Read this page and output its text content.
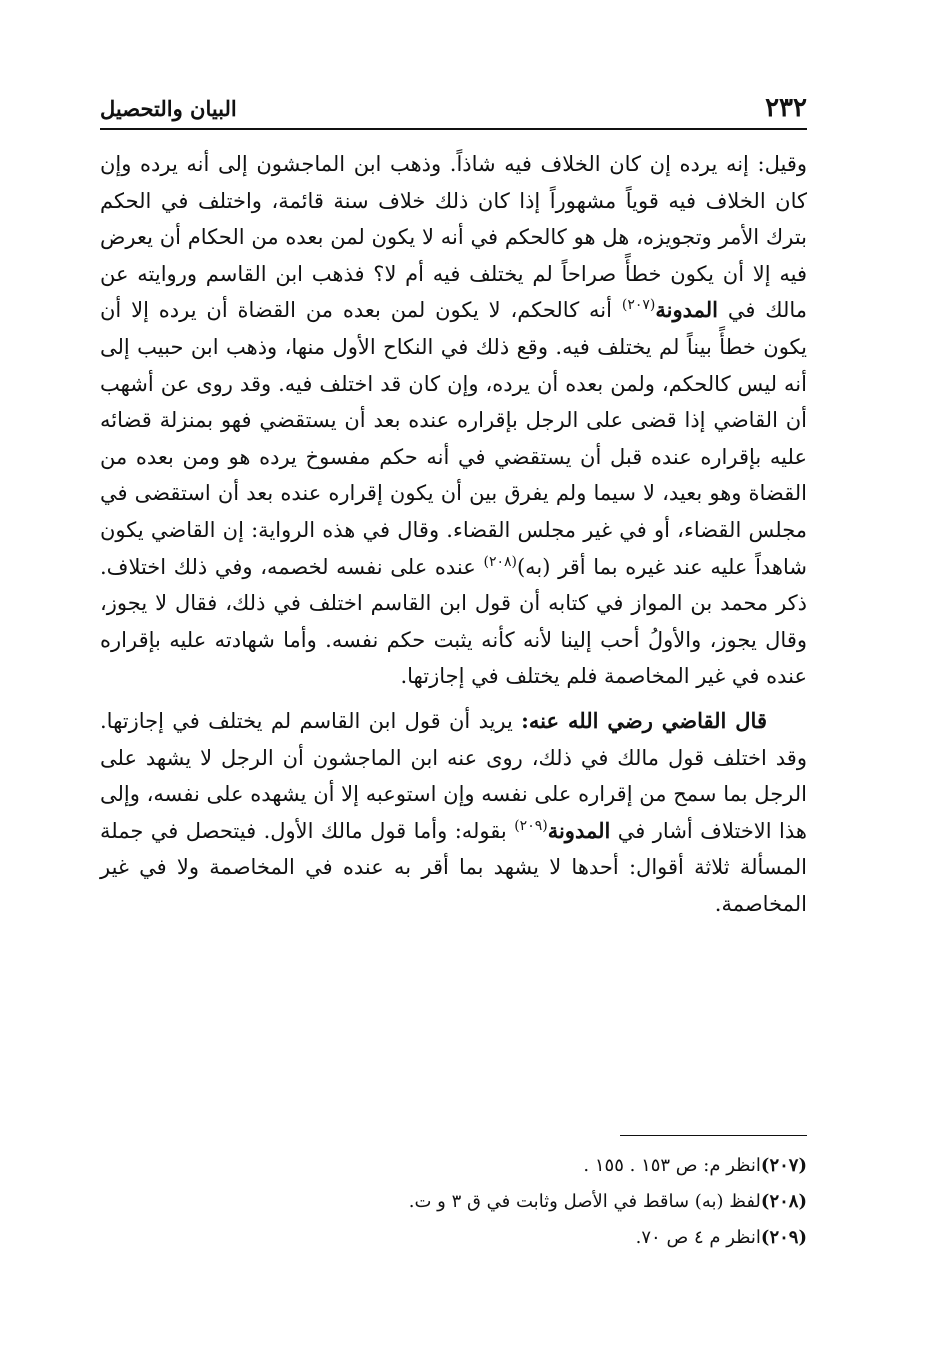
٢٣٢
البيان والتحصيل

وقيل: إنه يرده إن كان الخلاف فيه شاذاً. وذهب ابن الماجشون إلى أنه يرده وإن كان الخلاف فيه قوياً مشهوراً إذا كان ذلك خلاف سنة قائمة، واختلف في الحكم بترك الأمر وتجويزه، هل هو كالحكم في أنه لا يكون لمن بعده من الحكام أن يعرض فيه إلا أن يكون خطأً صراحاً لم يختلف فيه أم لا؟ فذهب ابن القاسم وروايته عن مالك في المدونة$^{(٢٠٧)}$ أنه كالحكم، لا يكون لمن بعده من القضاة أن يرده إلا أن يكون خطأً بيناً لم يختلف فيه. وقع ذلك في النكاح الأول منها، وذهب ابن حبيب إلى أنه ليس كالحكم، ولمن بعده أن يرده، وإن كان قد اختلف فيه. وقد روى عن أشهب أن القاضي إذا قضى على الرجل بإقراره عنده بعد أن يستقضي فهو بمنزلة قضائه عليه بإقراره عنده قبل أن يستقضي في أنه حكم مفسوخ يرده هو ومن بعده من القضاة وهو بعيد، لا سيما ولم يفرق بين أن يكون إقراره عنده بعد أن استقضى في مجلس القضاء، أو في غير مجلس القضاء. وقال في هذه الرواية: إن القاضي يكون شاهداً عليه عند غيره بما أقر (به)$^{(٢٠٨)}$ عنده على نفسه لخصمه، وفي ذلك اختلاف. ذكر محمد بن المواز في كتابه أن قول ابن القاسم اختلف في ذلك، فقال لا يجوز، وقال يجوز، والأولُ أحب إلينا لأنه كأنه يثبت حكم نفسه. وأما شهادته عليه بإقراره عنده في غير المخاصمة فلم يختلف في إجازتها.

قال القاضي رضي الله عنه: يريد أن قول ابن القاسم لم يختلف في إجازتها. وقد اختلف قول مالك في ذلك، روى عنه ابن الماجشون أن الرجل لا يشهد على الرجل بما سمح من إقراره على نفسه وإن استوعبه إلا أن يشهده على نفسه، وإلى هذا الاختلاف أشار في المدونة$^{(٢٠٩)}$ بقوله: وأما قول مالك الأول. فيتحصل في جملة المسألة ثلاثة أقوال: أحدها لا يشهد بما أقر به عنده في المخاصمة ولا في غير المخاصمة.

(٢٠٧)انظر م: ص ١٥٣ . ١٥٥ .

(٢٠٨)لفظ (به) ساقط في الأصل وثابت في ق ٣ و ت.

(٢٠٩)انظر م ٤ ص ٧٠.
